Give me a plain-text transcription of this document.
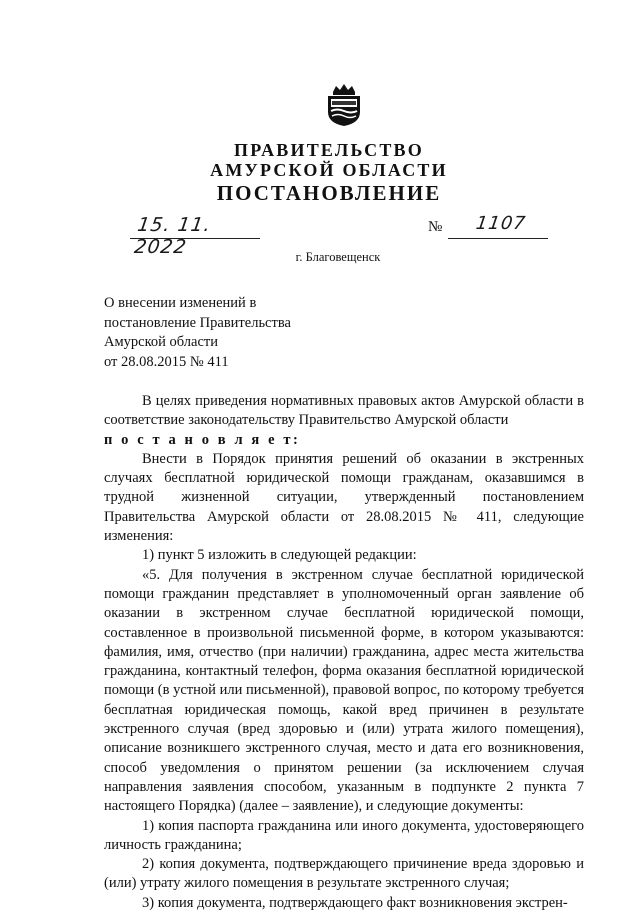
ПРАВИТЕЛЬСТВО
АМУРСКОЙ ОБЛАСТИ
ПОСТАНОВЛЕНИЕ
15. 11. 2022
№ 1107
г. Благовещенск
О внесении изменений в
постановление Правительства
Амурской области
от 28.08.2015 № 411

В целях приведения нормативных правовых актов Амурской области в соответствие законодательству Правительство Амурской области

п о с т а н о в л я е т:

Внести в Порядок принятия решений об оказании в экстренных случаях бесплатной юридической помощи гражданам, оказавшимся в трудной жизненной ситуации, утвержденный постановлением Правительства Амурской области от 28.08.2015 № 411, следующие изменения:

1) пункт 5 изложить в следующей редакции:

«5. Для получения в экстренном случае бесплатной юридической помощи гражданин представляет в уполномоченный орган заявление об оказании в экстренном случае бесплатной юридической помощи, составленное в произвольной письменной форме, в котором указываются: фамилия, имя, отчество (при наличии) гражданина, адрес места жительства гражданина, контактный телефон, форма оказания бесплатной юридической помощи (в устной или письменной), правовой вопрос, по которому требуется бесплатная юридическая помощь, какой вред причинен в результате экстренного случая (вред здоровью и (или) утрата жилого помещения), описание возникшего экстренного случая, место и дата его возникновения, способ уведомления о принятом решении (за исключением случая направления заявления способом, указанным в подпункте 2 пункта 7 настоящего Порядка) (далее – заявление), и следующие документы:

1) копия паспорта гражданина или иного документа, удостоверяющего личность гражданина;

2) копия документа, подтверждающего причинение вреда здоровью и (или) утрату жилого помещения в результате экстренного случая;

3) копия документа, подтверждающего факт возникновения экстрен-
